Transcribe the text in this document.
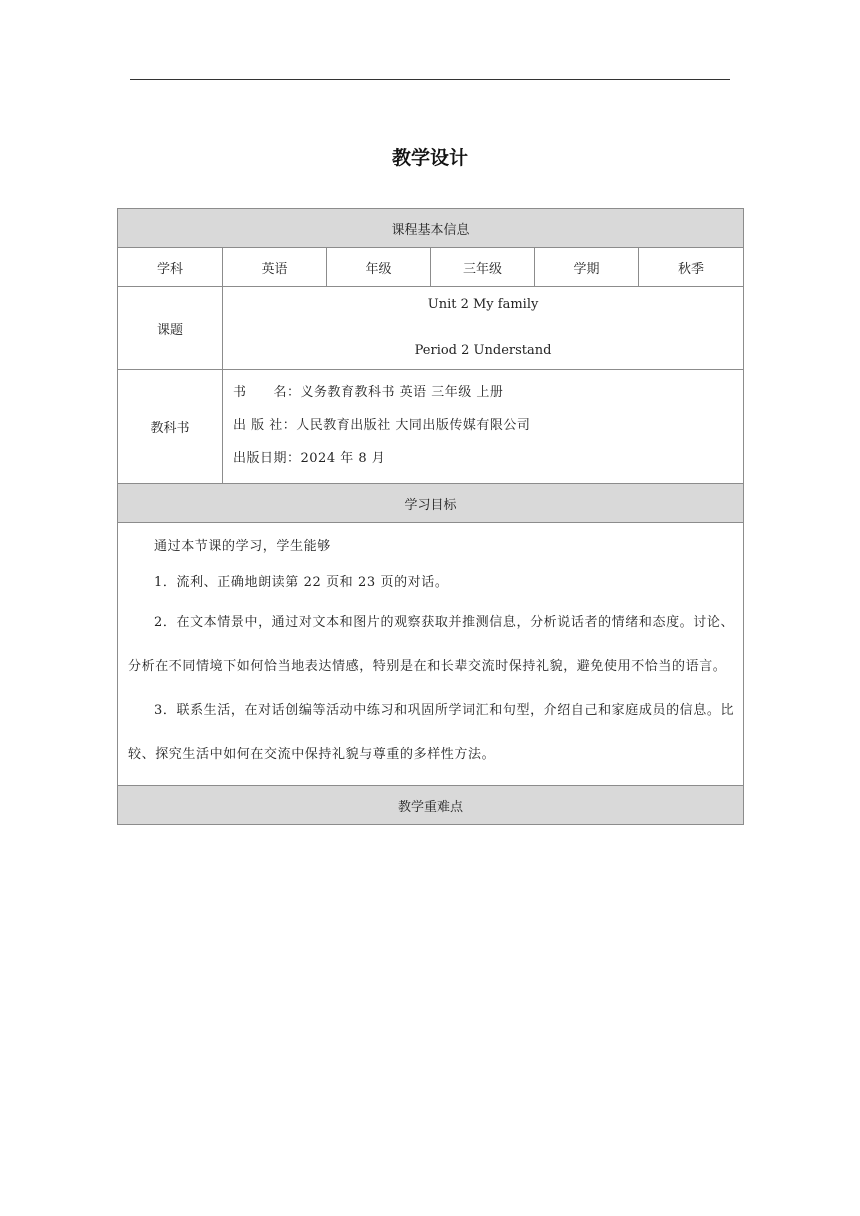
教学设计
课程基本信息					
学科	英语	年级	三年级	学期	秋季
课题	Unit 2 My family
Period 2 Understand				

教科书	书　　名：义务教育教科书 英语 三年级 上册
出 版 社：人民教育出版社 大同出版传媒有限公司
出版日期：2024 年 8 月				

学习目标					

通过本节课的学习，学生能够

1．流利、正确地朗读第 22 页和 23 页的对话。

2．在文本情景中，通过对文本和图片的观察获取并推测信息，分析说话者的情绪和态度。讨论、分析在不同情境下如何恰当地表达情感，特别是在和长辈交流时保持礼貌，避免使用不恰当的语言。

3．联系生活，在对话创编等活动中练习和巩固所学词汇和句型，介绍自己和家庭成员的信息。比较、探究生活中如何在交流中保持礼貌与尊重的多样性方法。					

教学重难点					
